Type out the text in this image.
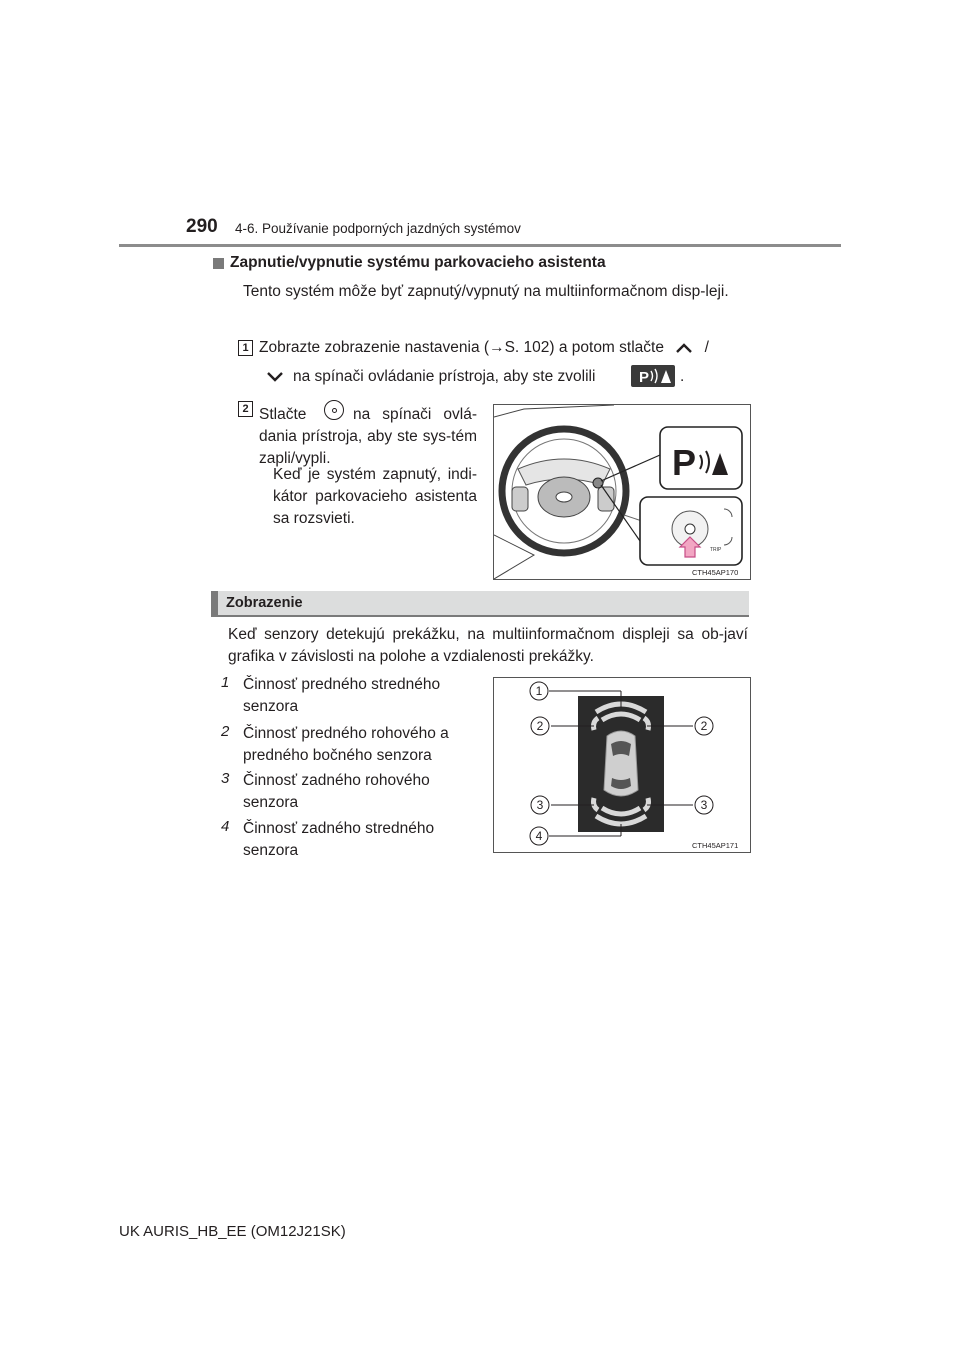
290 4-6. Používanie podporných jazdných systémov
Zapnutie/vypnutie systému parkovacieho asistenta
Tento systém môže byť zapnutý/vypnutý na multiinformačnom disp-leji.
1 Zobrazte zobrazenie nastavenia (→S. 102) a potom stlačte	/
na spínači ovládanie prístroja, aby ste zvolili	P .
2 Stlačte	na spínači ovlá-dania prístroja, aby ste sys-tém zapli/vypli.
Keď je systém zapnutý, indi-kátor parkovacieho asistenta sa rozsvieti.
P
TRIP
CTH45AP170
Zobrazenie
Keď senzory detekujú prekážku, na multiinformačnom displeji sa ob-javí grafika v závislosti na polohe a vzdialenosti prekážky.
1 Činnosť predného stredného senzora
2 Činnosť predného rohového a predného bočného senzora
3 Činnosť zadného rohového senzora
4 Činnosť zadného stredného senzora
1
2	2
3	3
4
CTH45AP171
UK AURIS_HB_EE (OM12J21SK)
